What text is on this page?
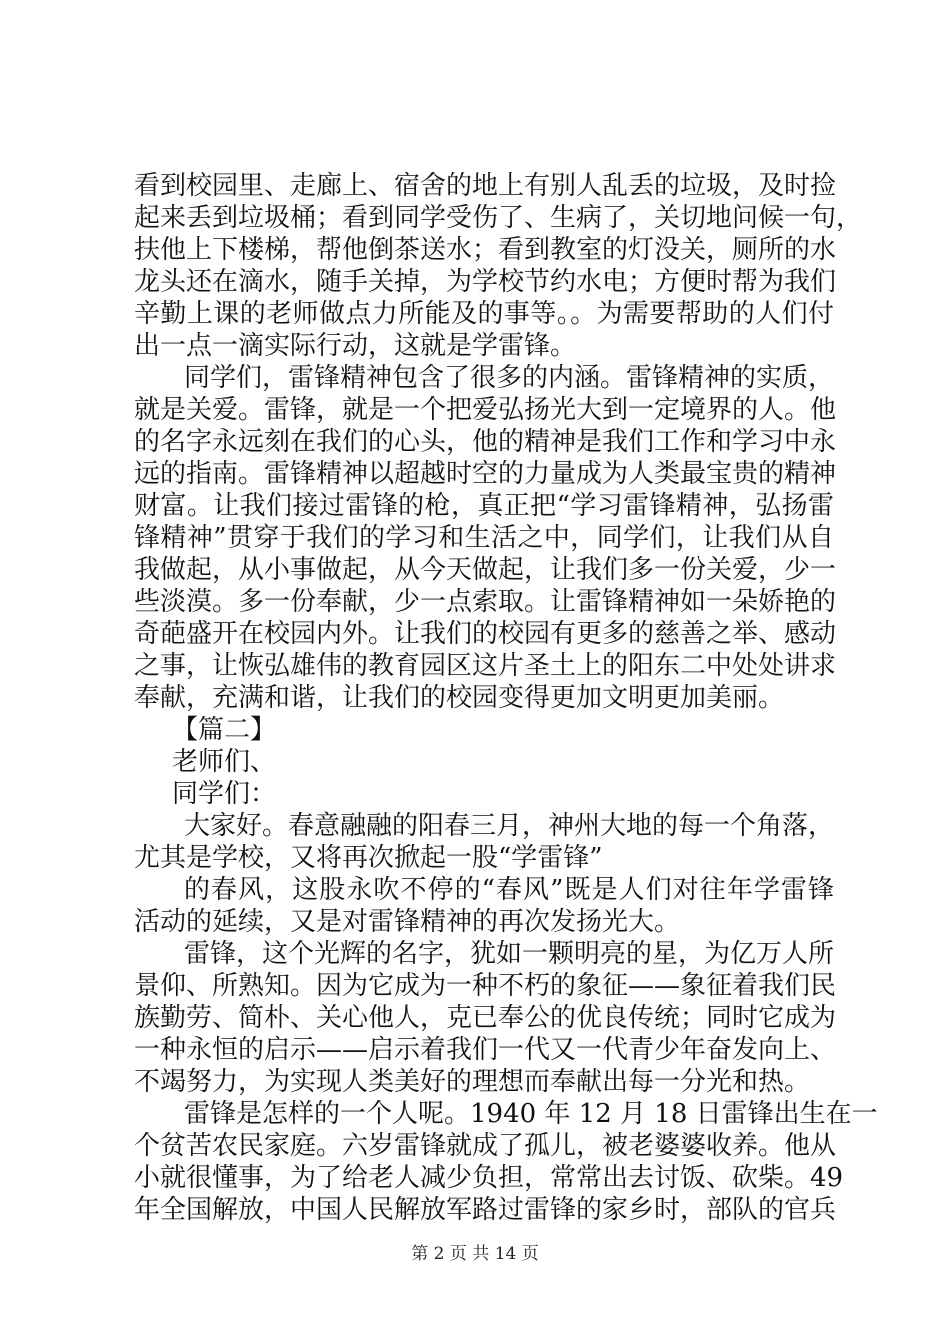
看到校园里、走廊上、宿舍的地上有别人乱丢的垃圾，及时捡
起来丢到垃圾桶；看到同学受伤了、生病了，关切地问候一句，
扶他上下楼梯，帮他倒茶送水；看到教室的灯没关，厕所的水
龙头还在滴水，随手关掉，为学校节约水电；方便时帮为我们
辛勤上课的老师做点力所能及的事等。。为需要帮助的人们付
出一点一滴实际行动，这就是学雷锋。
同学们，雷锋精神包含了很多的内涵。雷锋精神的实质，
就是关爱。雷锋，就是一个把爱弘扬光大到一定境界的人。他
的名字永远刻在我们的心头，他的精神是我们工作和学习中永
远的指南。雷锋精神以超越时空的力量成为人类最宝贵的精神
财富。让我们接过雷锋的枪，真正把“学习雷锋精神，弘扬雷
锋精神”贯穿于我们的学习和生活之中，同学们，让我们从自
我做起，从小事做起，从今天做起，让我们多一份关爱，少一
些淡漠。多一份奉献，少一点索取。让雷锋精神如一朵娇艳的
奇葩盛开在校园内外。让我们的校园有更多的慈善之举、感动
之事，让恢弘雄伟的教育园区这片圣土上的阳东二中处处讲求
奉献，充满和谐，让我们的校园变得更加文明更加美丽。
【篇二】
老师们、
同学们：
大家好。春意融融的阳春三月，神州大地的每一个角落，
尤其是学校，又将再次掀起一股“学雷锋”
的春风，这股永吹不停的“春风”既是人们对往年学雷锋
活动的延续，又是对雷锋精神的再次发扬光大。
雷锋，这个光辉的名字，犹如一颗明亮的星，为亿万人所
景仰、所熟知。因为它成为一种不朽的象征——象征着我们民
族勤劳、简朴、关心他人，克已奉公的优良传统；同时它成为
一种永恒的启示——启示着我们一代又一代青少年奋发向上、
不竭努力，为实现人类美好的理想而奉献出每一分光和热。
雷锋是怎样的一个人呢。1940 年 12 月 18 日雷锋出生在一
个贫苦农民家庭。六岁雷锋就成了孤儿，被老婆婆收养。他从
小就很懂事，为了给老人减少负担，常常出去讨饭、砍柴。49
年全国解放，中国人民解放军路过雷锋的家乡时，部队的官兵
第 2 页 共 14 页
